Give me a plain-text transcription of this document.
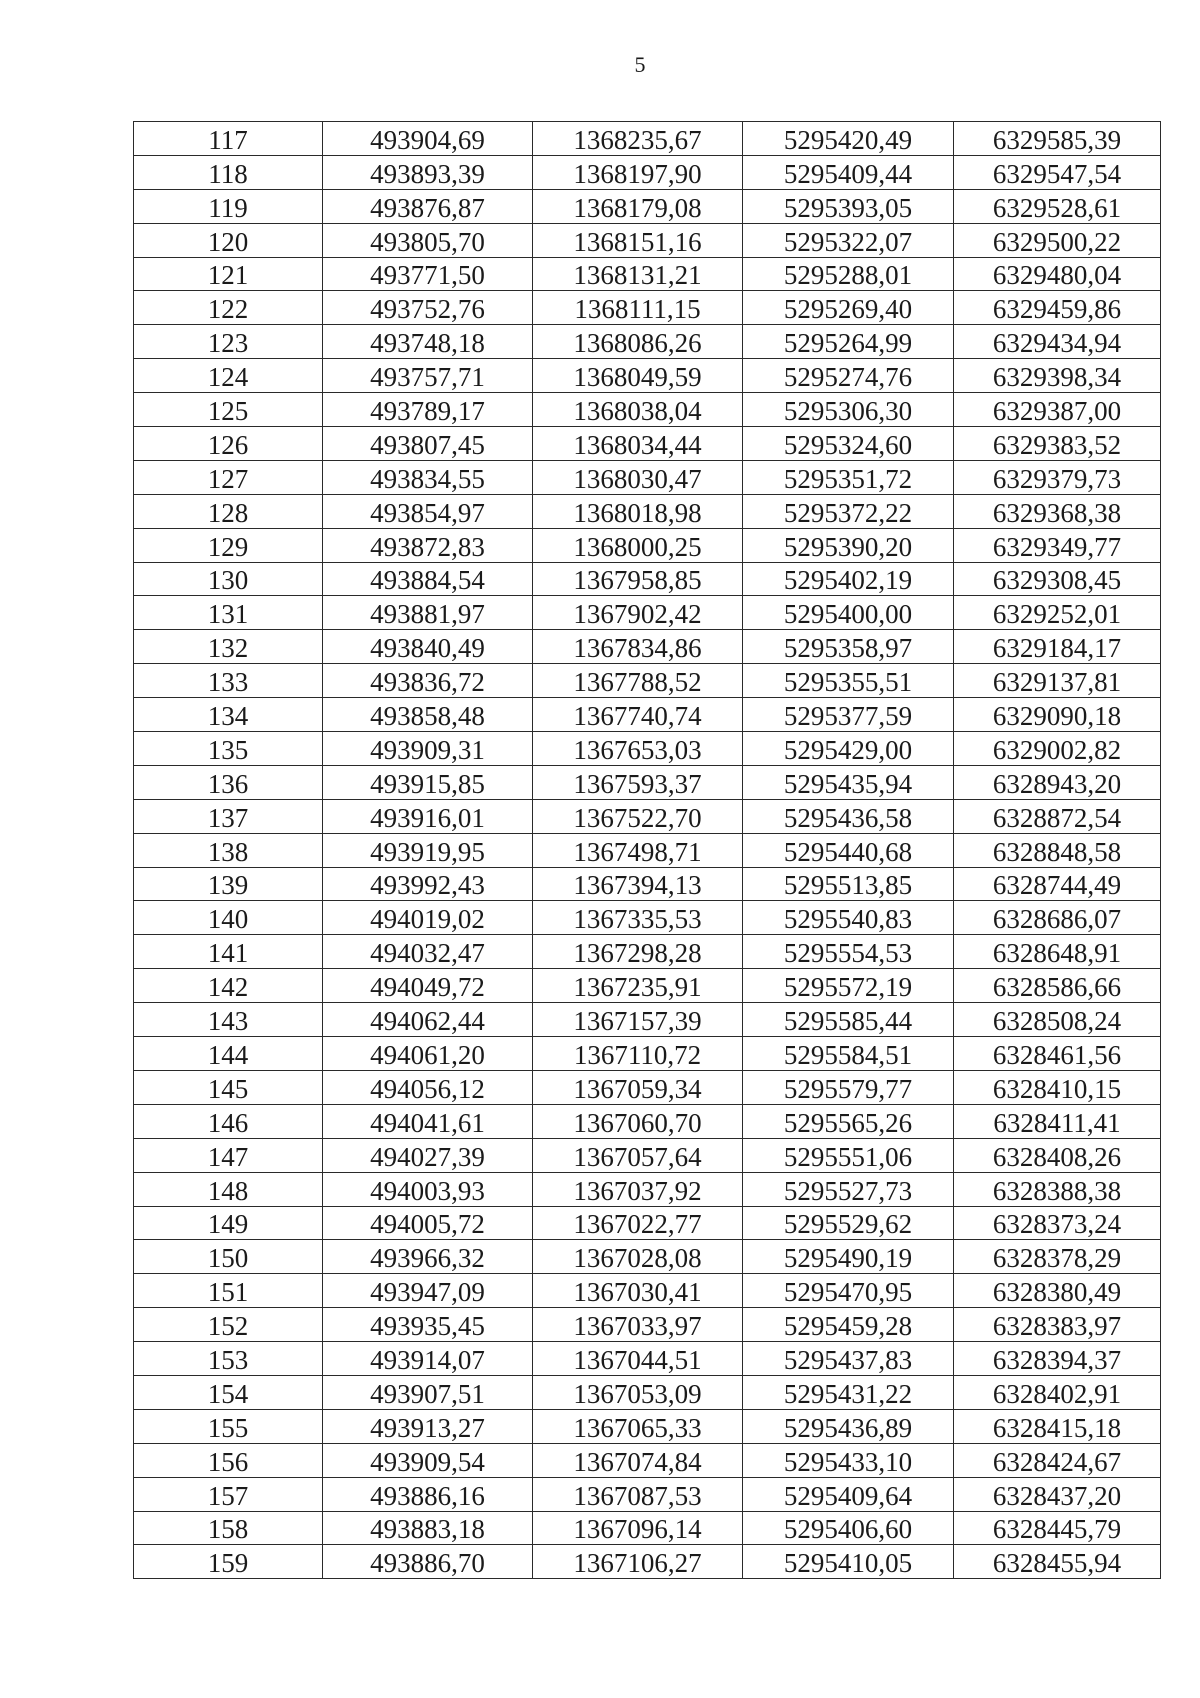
5
117	493904,69	1368235,67	5295420,49	6329585,39
118	493893,39	1368197,90	5295409,44	6329547,54
119	493876,87	1368179,08	5295393,05	6329528,61
120	493805,70	1368151,16	5295322,07	6329500,22
121	493771,50	1368131,21	5295288,01	6329480,04
122	493752,76	1368111,15	5295269,40	6329459,86
123	493748,18	1368086,26	5295264,99	6329434,94
124	493757,71	1368049,59	5295274,76	6329398,34
125	493789,17	1368038,04	5295306,30	6329387,00
126	493807,45	1368034,44	5295324,60	6329383,52
127	493834,55	1368030,47	5295351,72	6329379,73
128	493854,97	1368018,98	5295372,22	6329368,38
129	493872,83	1368000,25	5295390,20	6329349,77
130	493884,54	1367958,85	5295402,19	6329308,45
131	493881,97	1367902,42	5295400,00	6329252,01
132	493840,49	1367834,86	5295358,97	6329184,17
133	493836,72	1367788,52	5295355,51	6329137,81
134	493858,48	1367740,74	5295377,59	6329090,18
135	493909,31	1367653,03	5295429,00	6329002,82
136	493915,85	1367593,37	5295435,94	6328943,20
137	493916,01	1367522,70	5295436,58	6328872,54
138	493919,95	1367498,71	5295440,68	6328848,58
139	493992,43	1367394,13	5295513,85	6328744,49
140	494019,02	1367335,53	5295540,83	6328686,07
141	494032,47	1367298,28	5295554,53	6328648,91
142	494049,72	1367235,91	5295572,19	6328586,66
143	494062,44	1367157,39	5295585,44	6328508,24
144	494061,20	1367110,72	5295584,51	6328461,56
145	494056,12	1367059,34	5295579,77	6328410,15
146	494041,61	1367060,70	5295565,26	6328411,41
147	494027,39	1367057,64	5295551,06	6328408,26
148	494003,93	1367037,92	5295527,73	6328388,38
149	494005,72	1367022,77	5295529,62	6328373,24
150	493966,32	1367028,08	5295490,19	6328378,29
151	493947,09	1367030,41	5295470,95	6328380,49
152	493935,45	1367033,97	5295459,28	6328383,97
153	493914,07	1367044,51	5295437,83	6328394,37
154	493907,51	1367053,09	5295431,22	6328402,91
155	493913,27	1367065,33	5295436,89	6328415,18
156	493909,54	1367074,84	5295433,10	6328424,67
157	493886,16	1367087,53	5295409,64	6328437,20
158	493883,18	1367096,14	5295406,60	6328445,79
159	493886,70	1367106,27	5295410,05	6328455,94
